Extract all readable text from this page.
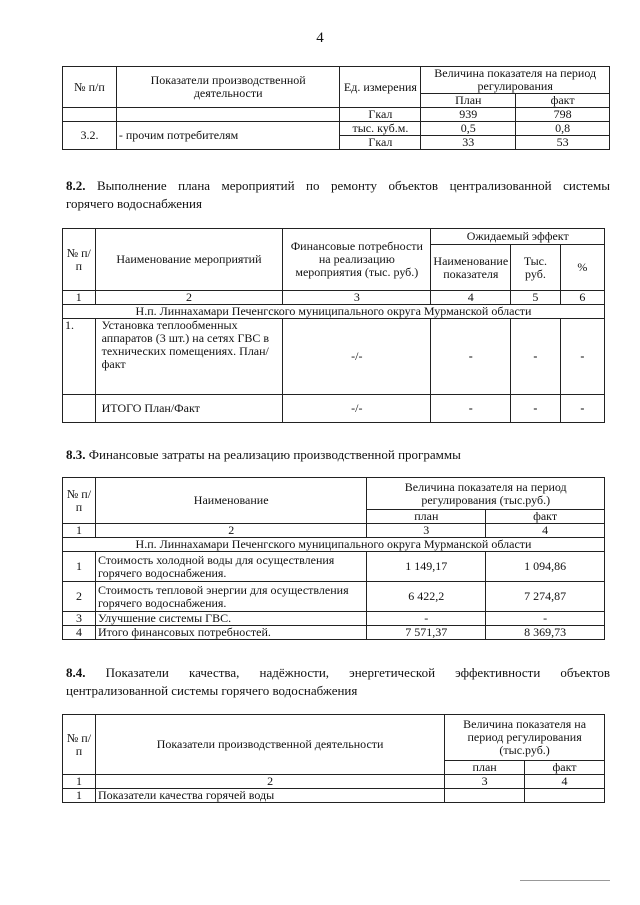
4
№ п/п	Показатели производственной деятельности	Ед. измерения	Величина показателя на период регулирования	
			План	факт
		Гкал	939	798
3.2.	- прочим потребителям	тыс. куб.м.	0,5	0,8
		Гкал	33	53
8.2. Выполнение плана мероприятий по ремонту объектов централизованной системы
горячего водоснабжения
№ п/п	Наименование мероприятий	Финансовые потребности на реализацию мероприятия (тыс. руб.)	Ожидаемый эффект		
			Наименование показателя	Тыс. руб.	%
1	2	3	4	5	6
Н.п. Линнахамари Печенгского муниципального округа Мурманской области					
1.	Установка теплообменных аппаратов (3 шт.) на сетях ГВС в технических помещениях. План/факт	-/-	-	-	-
	ИТОГО План/Факт	-/-	-	-	-
8.3. Финансовые затраты на реализацию производственной программы
№ п/п	Наименование	Величина показателя на период регулирования (тыс.руб.)	
		план	факт
1	2	3	4
Н.п. Линнахамари Печенгского муниципального округа Мурманской области			
1	Стоимость холодной воды для осуществления горячего водоснабжения.	1 149,17	1 094,86
2	Стоимость тепловой энергии для осуществления горячего водоснабжения.	6 422,2	7 274,87
3	Улучшение системы ГВС.	-	-
4	Итого финансовых потребностей.	7 571,37	8 369,73
8.4. Показатели качества, надёжности, энергетической эффективности объектов
централизованной системы горячего водоснабжения
№ п/п	Показатели производственной деятельности	Величина показателя на период регулирования (тыс.руб.)	
		план	факт
1	2	3	4
1	Показатели качества горячей воды		
